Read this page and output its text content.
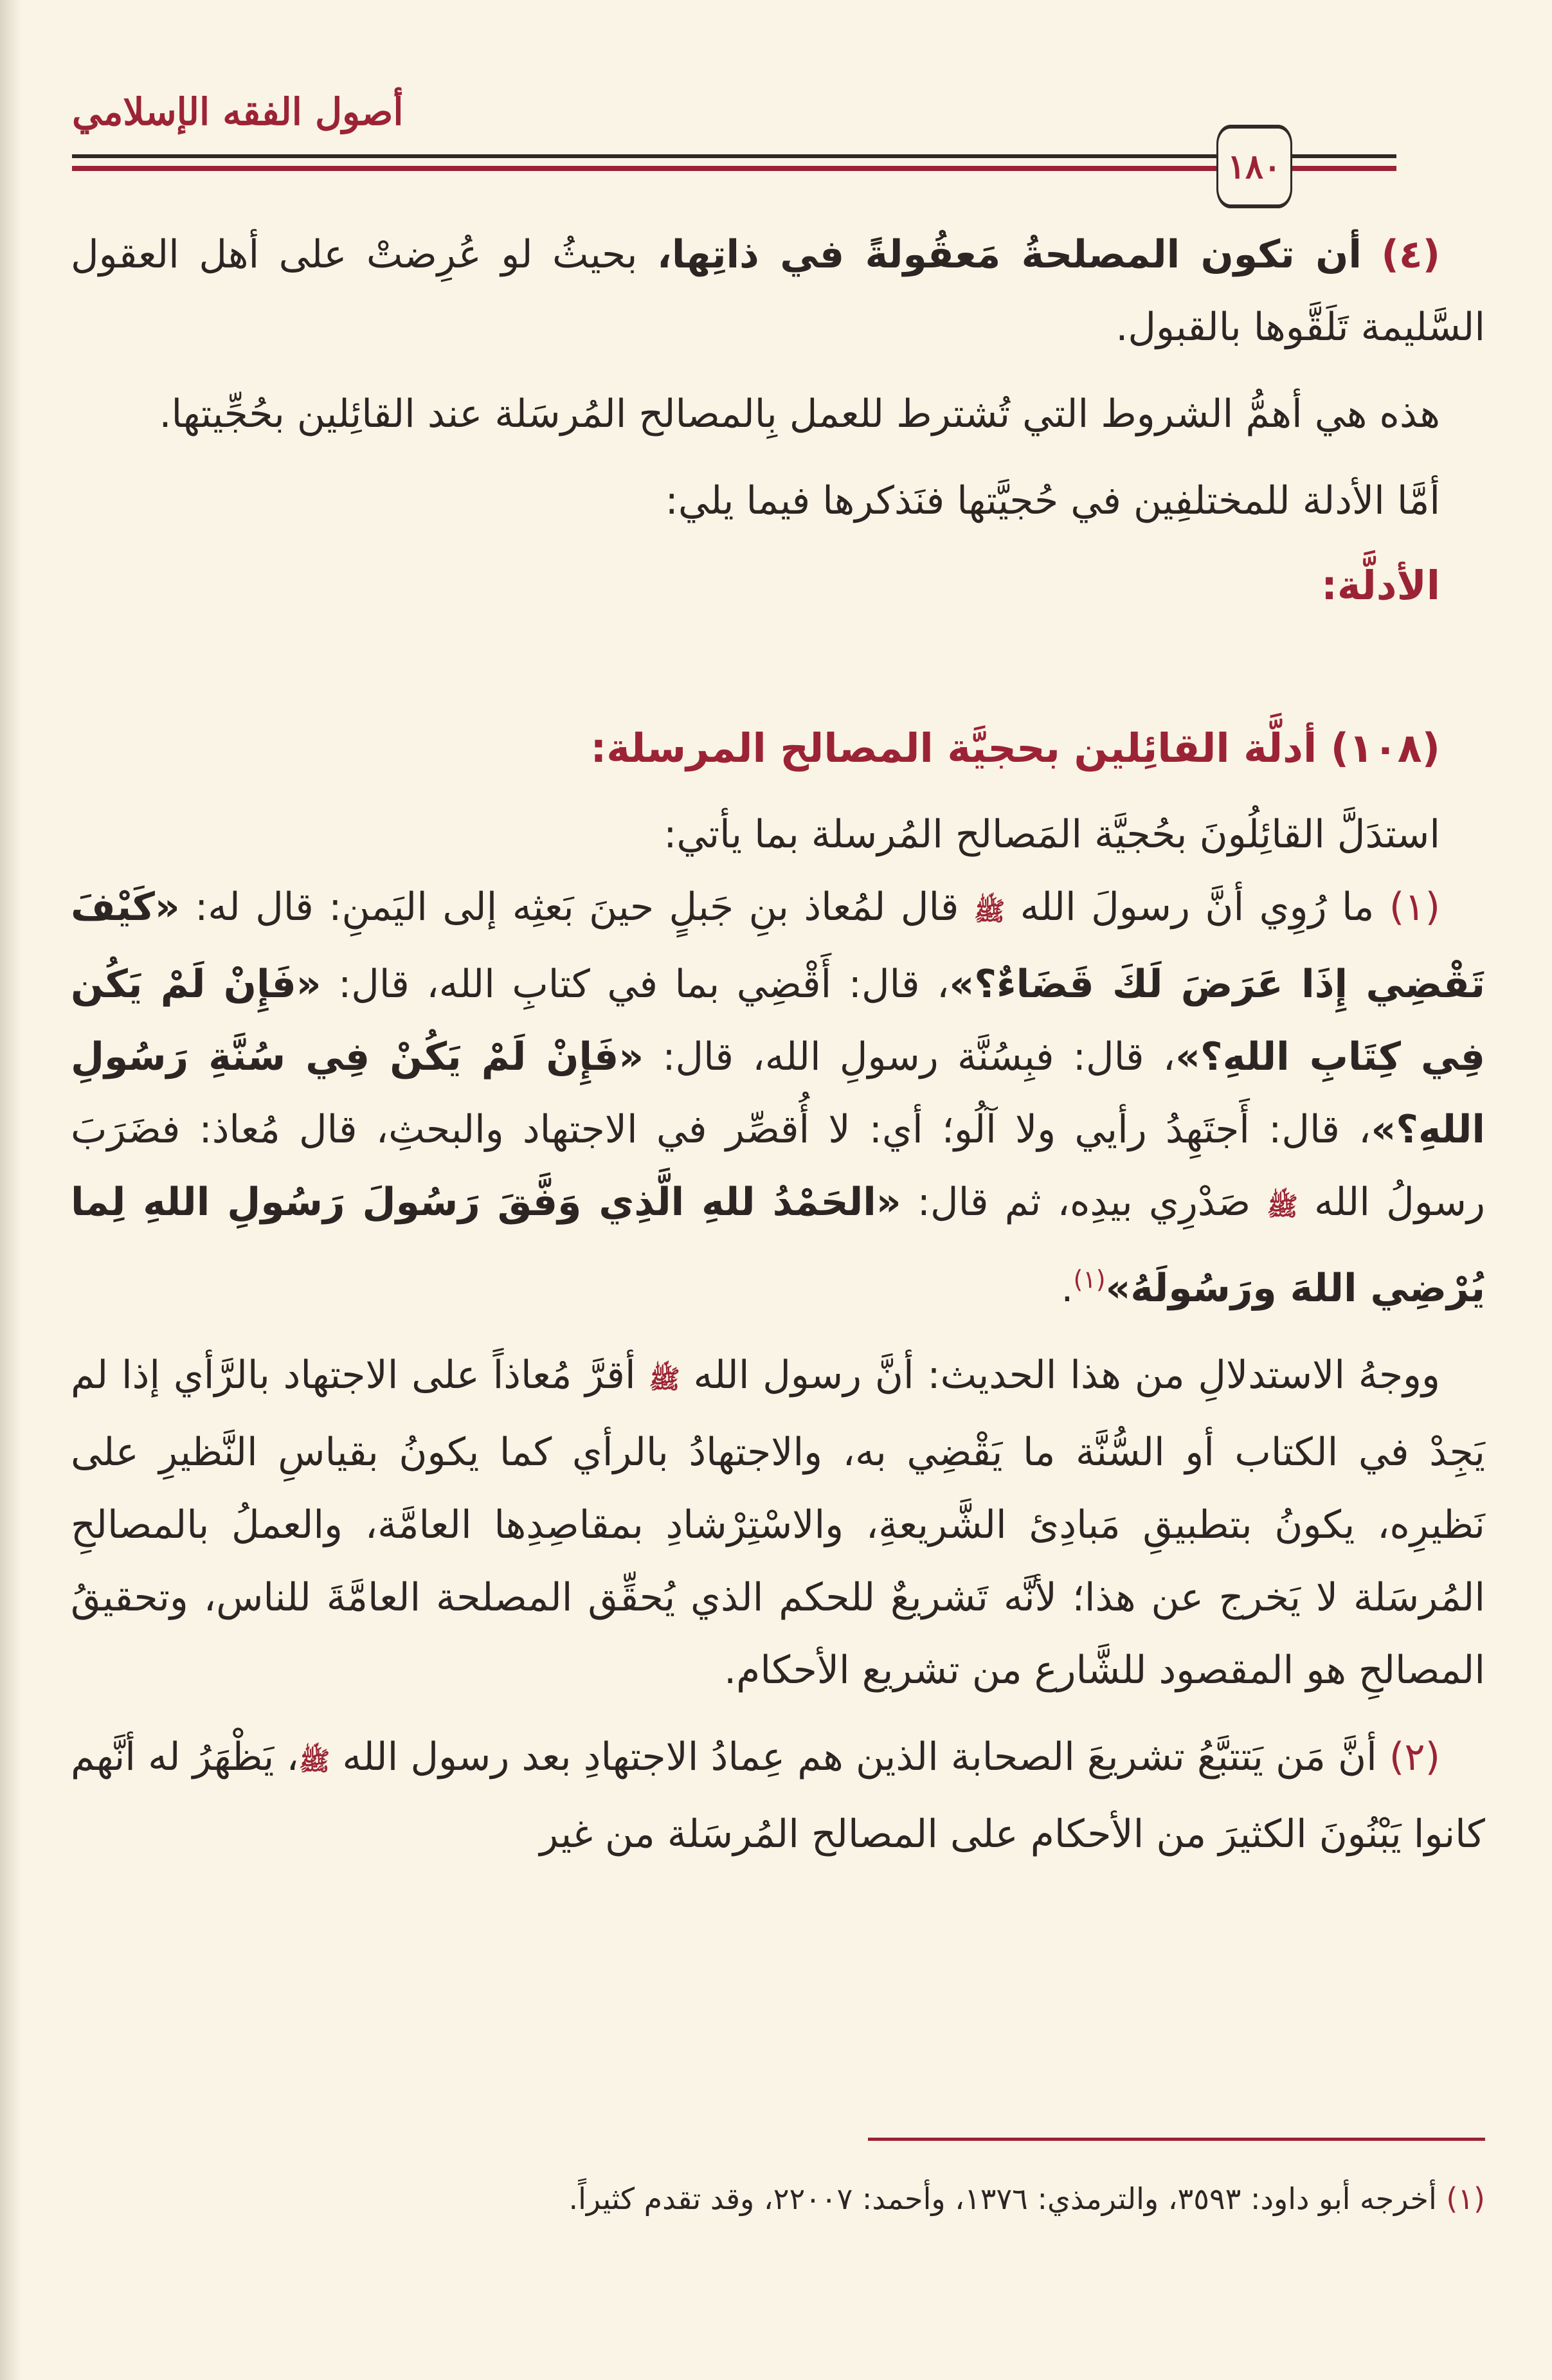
أصول الفقه الإسلامي
١٨٠

(٤) أن تكون المصلحةُ مَعقُولةً في ذاتِها، بحيثُ لو عُرِضتْ على أهل العقول السَّليمة تَلَقَّوها بالقبول.

هذه هي أهمُّ الشروط التي تُشترط للعمل بِالمصالح المُرسَلة عند القائِلين بحُجِّيتها.

أمَّا الأدلة للمختلفِين في حُجيَّتها فنَذكرها فيما يلي:

الأدلَّة:

(١٠٨) أدلَّة القائِلين بحجيَّة المصالح المرسلة:

استدَلَّ القائِلُونَ بحُجيَّة المَصالح المُرسلة بما يأتي:

(١) ما رُوِي أنَّ رسولَ الله ﷺ قال لمُعاذ بنِ جَبلٍ حينَ بَعثِه إلى اليَمنِ: قال له: «كَيْفَ تَقْضِي إِذَا عَرَضَ لَكَ قَضَاءٌ؟»، قال: أَقْضِي بما في كتابِ الله، قال: «فَإِنْ لَمْ يَكُن فِي كِتَابِ اللهِ؟»، قال: فبِسُنَّة رسولِ الله، قال: «فَإِنْ لَمْ يَكُنْ فِي سُنَّةِ رَسُولِ اللهِ؟»، قال: أَجتَهِدُ رأيي ولا آلُو؛ أي: لا أُقصِّر في الاجتهاد والبحثِ، قال مُعاذ: فضَرَبَ رسولُ الله ﷺ صَدْرِي بيدِه، ثم قال: «الحَمْدُ للهِ الَّذِي وَفَّقَ رَسُولَ رَسُولِ اللهِ لِما يُرْضِي اللهَ ورَسُولَهُ»$^{(١)}$.

ووجهُ الاستدلالِ من هذا الحديث: أنَّ رسول الله ﷺ أقرَّ مُعاذاً على الاجتهاد بالرَّأي إذا لم يَجِدْ في الكتاب أو السُّنَّة ما يَقْضِي به، والاجتهادُ بالرأي كما يكونُ بقياسِ النَّظيرِ على نَظيرِه، يكونُ بتطبيقِ مَبادِئ الشَّريعةِ، والاسْتِرْشادِ بمقاصِدِها العامَّة، والعملُ بالمصالحِ المُرسَلة لا يَخرج عن هذا؛ لأنَّه تَشريعٌ للحكم الذي يُحقِّق المصلحة العامَّةَ للناس، وتحقيقُ المصالحِ هو المقصود للشَّارع من تشريع الأحكام.

(٢) أنَّ مَن يَتتبَّعُ تشريعَ الصحابة الذين هم عِمادُ الاجتهادِ بعد رسول الله ﷺ، يَظْهَرُ له أنَّهم كانوا يَبْنُونَ الكثيرَ من الأحكام على المصالح المُرسَلة من غير

(١) أخرجه أبو داود: ٣٥٩٣، والترمذي: ١٣٧٦، وأحمد: ٢٢٠٠٧، وقد تقدم كثيراً.
